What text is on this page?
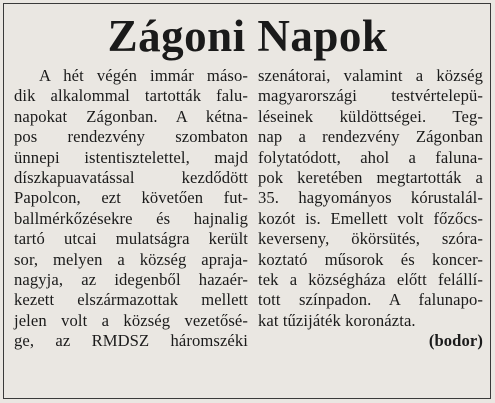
Zágoni Napok
A hét végén immár máso-
dik alkalommal tartották falu-
napokat Zágonban. A kétna-
pos rendezvény szombaton
ünnepi istentisztelettel, majd
díszkapuavatással kezdődött
Papolcon, ezt követően fut-
ballmérkőzésekre és hajnalig
tartó utcai mulatságra került
sor, melyen a község apraja-
nagyja, az idegenből hazaér-
kezett elszármazottak mellett
jelen volt a község vezetősé-
ge, az RMDSZ háromszéki
szenátorai, valamint a község
magyarországi testvértelepü-
léseinek küldöttségei. Teg-
nap a rendezvény Zágonban
folytatódott, ahol a faluna-
pok keretében megtartották a
35. hagyományos kórustalál-
kozót is. Emellett volt főzőcs-
keverseny, ökörsütés, szóra-
koztató műsorok és koncer-
tek a községháza előtt felállí-
tott színpadon. A falunapo-
kat tűzijáték koronázta.
(bodor)
